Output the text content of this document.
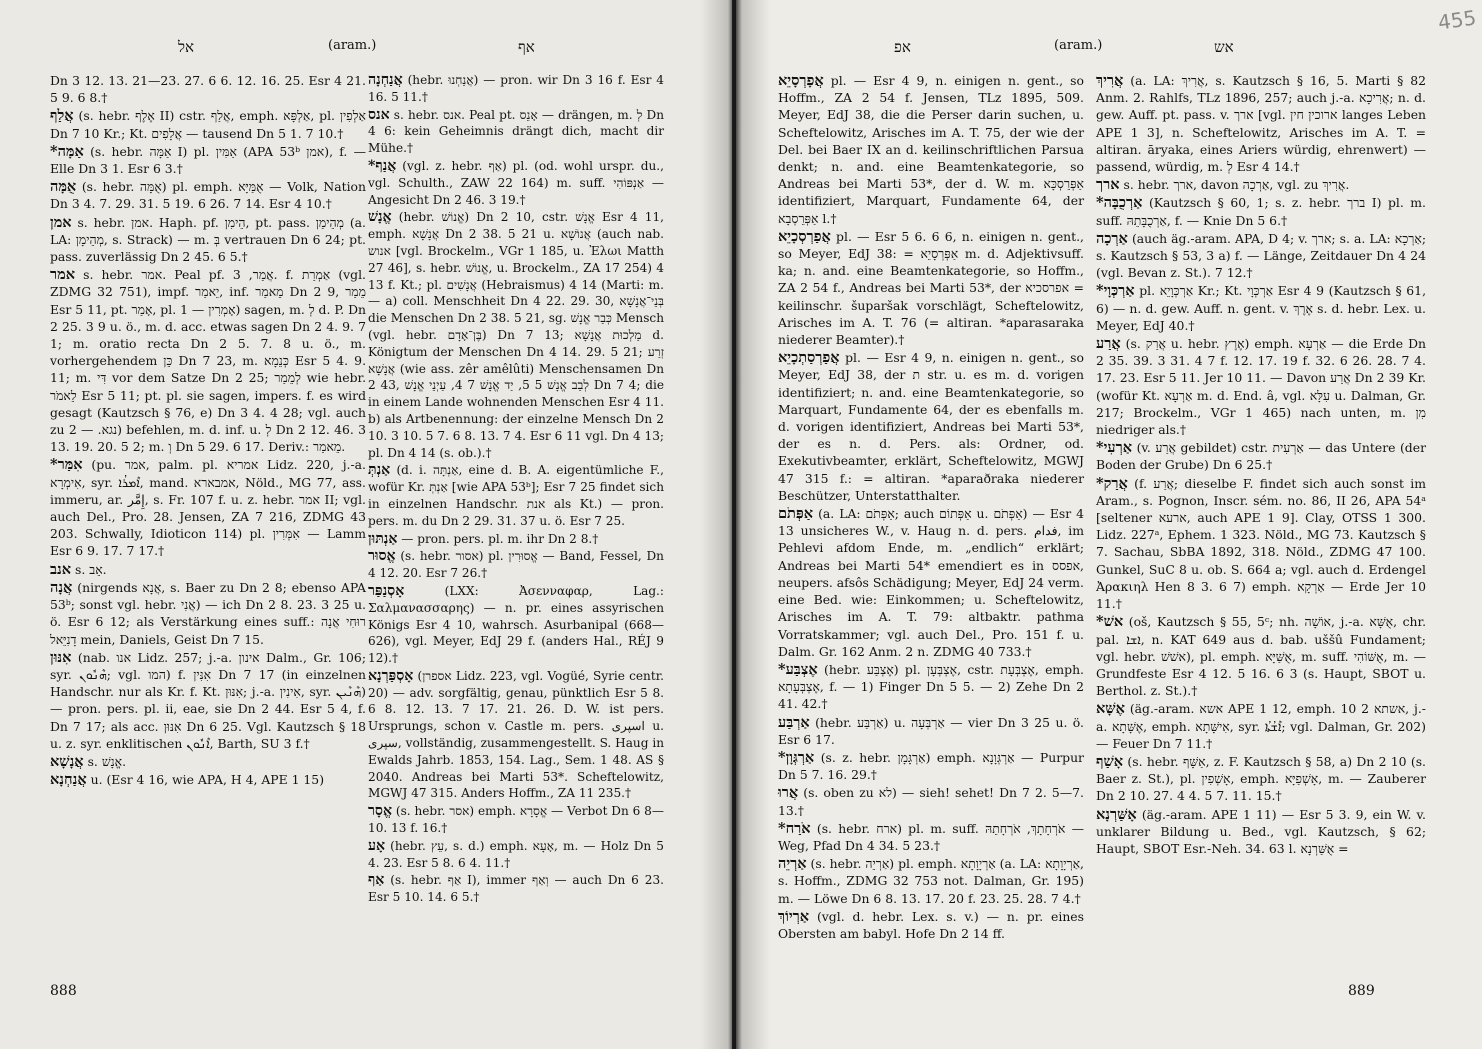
אל	(aram.)	אף

Dn 3 12. 13. 21—23. 27. 6 6. 12. 16. 25. Esr 4 21. 5 9. 6 8.†

אֲלַף (s. hebr. אֶלֶף II) cstr. אֲלַף, emph. אַלְפָּא, pl. אַלְפִין Dn 7 10 Kr.; Kt. אֲלָפִים — tausend Dn 5 1. 7 10.†

אַמָּה* (s. hebr. אַמָּה I) pl. אַמִּין (APA 53ᵇ אמן), f. — Elle Dn 3 1. Esr 6 3.†

אֻמָּה (s. hebr. אֻמָּה) pl. emph. אֻמַּיָּא — Volk, Nation Dn 3 4. 7. 29. 31. 5 19. 6 26. 7 14. Esr 4 10.†

אמן s. hebr. אמן. Haph. pf. הֵימִן, pt. pass. מְהֵימַן (a. LA: מְהֵימָן, s. Strack) — m. בְּ vertrauen Dn 6 24; pt. pass. zuverlässig Dn 2 45. 6 5.†

אמר s. hebr. אמר. Peal pf. אֲמַר, 3. f. אַמְרַת (vgl. ZDMG 32 751), impf. יֵאמַר, inf. מֵאמַר Dn 2 9, מֵמַר Esr 5 11, pt. אָמַר, pl. אָמְרִין — 1) sagen, m. לְ d. P. Dn 2 25. 3 9 u. ö., m. d. acc. etwas sagen Dn 2 4. 9. 7 1; m. oratio recta Dn 2 5. 7. 8 u. ö., m. vorhergehendem כֵּן Dn 7 23, m. כְּנֵמָא Esr 5 4. 9. 11; m. דִּי vor dem Satze Dn 2 25; לְמֵמַר wie hebr. לֵאמֹר Esr 5 11; pt. pl. sie sagen, impers. f. es wird gesagt (Kautzsch § 76, e) Dn 3 4. 4 28; vgl. auch zu נגא. — 2) befehlen, m. d. inf. u. לְ Dn 2 12. 46. 3 13. 19. 20. 5 2; m. וְ Dn 5 29. 6 17. Deriv.: מֵאמַר.

אִמַּר* (pu. אמר, palm. pl. אמריא Lidz. 220, j.-a. אִימְרָא, syr. ܐܶܡܪܳܐ, mand. אמבארא, Nöld., MG 77, ass. immeru, ar. إِمَّر, s. Fr. 107 f. u. z. hebr. אמר II; vgl. auch Del., Pro. 28. Jensen, ZA 7 216, ZDMG 43 203. Schwally, Idioticon 114) pl. אִמְּרִין — Lamm Esr 6 9. 17. 7 17.†

אנב s. אֵב.

אֲנָה (nirgends אֲנָא, s. Baer zu Dn 2 8; ebenso APA 53ᵇ; sonst vgl. hebr. אֲנִי) — ich Dn 2 8. 23. 3 25 u. ö. Esr 6 12; als Verstärkung eines suff.: רוּחִי אֲנָה דָנִיֵּאל mein, Daniels, Geist Dn 7 15.

אִנּוּן (nab. אנו Lidz. 257; j.-a. אינון Dalm., Gr. 106; syr. ܗܶܢܽܘܢ; vgl. המו) f. אִנִּין Dn 7 17 (in einzelnen Handschr. nur als Kr. f. Kt. אִנּוּן; j.-a. אִינִין, syr. ܗܶܢܶܝܢ) — pron. pers. pl. ii, eae, sie Dn 2 44. Esr 5 4, f. Dn 7 17; als acc. אִנּוּן Dn 6 25. Vgl. Kautzsch § 18 u. z. syr. enklitischen ܐܶܢܽܘܢ, Barth, SU 3 f.†

אֲנָשָׁא s. אֱנָשׁ.

אֲנַחְנָא u. (Esr 4 16, wie APA, H 4, APE 1 15)

אֲנַחְנָה (hebr. אֲנַחְנוּ) — pron. wir Dn 3 16 f. Esr 4 16. 5 11.†

אנס s. hebr. אנס. Peal pt. אָנֵס — drängen, m. לְ Dn 4 6: kein Geheimnis drängt dich, macht dir Mühe.†

אֲנַף* (vgl. z. hebr. אַף) pl. (od. wohl urspr. du., vgl. Schulth., ZAW 22 164) m. suff. אַנְפּוֹהִי — Angesicht Dn 2 46. 3 19.†

אֱנָשׁ (hebr. אֱנוֹשׁ) Dn 2 10, cstr. אֱנָשׁ Esr 4 11, emph. אֲנָשָׁא Dn 2 38. 5 21 u. אֲנוֹשָׁא (auch nab. אנוש [vgl. Brockelm., VGr 1 185, u. Ἐλωι Matth 27 46], s. hebr. אֱנוֹשׁ, u. Brockelm., ZA 17 254) 4 13 f. Kt.; pl. אֲנָשִׁים (Hebraismus) 4 14 (Marti: m. — a) coll. Menschheit Dn 4 22. 29. 30, בְּנֵי־אֲנָשָׁא die Menschen Dn 2 38. 5 21, sg. כְּבַר אֱנָשׁ Mensch (vgl. hebr. בֶּן־אָדָם) Dn 7 13; מַלְכוּת אֲנָשָׁא d. Königtum der Menschen Dn 4 14. 29. 5 21; זְרַע אֲנָשָׁא (wie ass. zêr amêlûti) Menschensamen Dn 2 43, לְבַב אֱנָשׁ 5 5, יַד אֱנָשׁ 7 4, עַיְנֵי אֱנָשׁ Dn 7 4; die in einem Lande wohnenden Menschen Esr 4 11. b) als Artbenennung: der einzelne Mensch Dn 2 10. 3 10. 5 7. 6 8. 13. 7 4. Esr 6 11 vgl. Dn 4 13; pl. Dn 4 14 (s. ob.).†

אַנְתְּ (d. i. אַנְתָּה, eine d. B. A. eigentümliche F., wofür Kr. אַנְתְּ [wie APA 53ᵇ]; Esr 7 25 findet sich in einzelnen Handschr. אנת als Kt.) — pron. pers. m. du Dn 2 29. 31. 37 u. ö. Esr 7 25.

אַנְתּוּן — pron. pers. pl. m. ihr Dn 2 8.†

אֱסוּר (s. hebr. אסור) pl. אֱסוּרִין — Band, Fessel, Dn 4 12. 20. Esr 7 26.†

אָסְנַפַּר	(LXX: Ἀσενναφαρ, Lag.: Σαλμανασσαρης) — n. pr. eines assyrischen Königs Esr 4 10, wahrsch. Asurbanipal (668—626), vgl. Meyer, EdJ 29 f. (anders Hal., RÉJ 9 12).†

אָסְפַּרְנָא (אספרן Lidz. 223, vgl. Vogüé, Syrie centr. 20) — adv. sorgfältig, genau, pünktlich Esr 5 8. 6 8. 12. 13. 7 17. 21. 26. D. W. ist pers. Ursprungs, schon v. Castle m. pers. اسپری u. سپری, vollständig, zusammengestellt. S. Haug in Ewalds Jahrb. 1853, 154. Lag., Sem. 1 48. AS § 2040. Andreas bei Marti 53*. Scheftelowitz, MGWJ 47 315. Anders Hoffm., ZA 11 235.†

אֱסָר (s. hebr. אסר) emph. אֱסָרָא — Verbot Dn 6 8—10. 13 f. 16.†

אָע (hebr. עֵץ, s. d.) emph. אָעָא, m. — Holz Dn 5 4. 23. Esr 5 8. 6 4. 11.†

אַף (s. hebr. אַף I), immer וְאַף — auch Dn 6 23. Esr 5 10. 14. 6 5.†

888
455
אפ	(aram.)	אש

אֲפָרְסָיֵא pl. — Esr 4 9, n. einigen n. gent., so Hoffm., ZA 2 54 f. Jensen, TLz 1895, 509. Meyer, EdJ 38, die die Perser darin suchen, u. Scheftelowitz, Arisches im A. T. 75, der wie der Del. bei Baer IX an d. keilinschriftlichen Parsua denkt; n. and. eine Beamtenkategorie, so Andreas bei Marti 53*, der d. W. m. אַפְּרֵסְכָּא identifiziert, Marquart, Fundamente 64, der אַפְּרֵסְבָא l.†

אֲפַרְסְכָיֵא pl. — Esr 5 6. 6 6, n. einigen n. gent., so Meyer, EdJ 38: = אַפְּרְסָיֵא m. d. Adjektivsuff. ka; n. and. eine Beamtenkategorie, so Hoffm., ZA 2 54 f., Andreas bei Marti 53*, der אפרסכיא = keilinschr. šuparšak vorschlägt, Scheftelowitz, Arisches im A. T. 76 (= altiran. *aparasaraka niederer Beamter).†

אֲפַרְסַתְכָיֵא pl. — Esr 4 9, n. einigen n. gent., so Meyer, EdJ 38, der ת str. u. es m. d. vorigen identifiziert; n. and. eine Beamtenkategorie, so Marquart, Fundamente 64, der es ebenfalls m. d. vorigen identifiziert, Andreas bei Marti 53*, der es n. d. Pers. als: Ordner, od. Exekutivbeamter, erklärt, Scheftelowitz, MGWJ 47 315 f.: = altiran. *aparaðraka niederer Beschützer, Unterstatthalter.

אַפְּתֹם (a. LA: אַפְּתֹם; auch אַפְּתוֹם u. אַפְּתֹם) — Esr 4 13 unsicheres W., v. Haug n. d. pers. فدام, im Pehlevi afdom Ende, m. „endlich“ erklärt; Andreas bei Marti 54* emendiert es in אפסס, neupers. afsôs Schädigung; Meyer, EdJ 24 verm. eine Bed. wie: Einkommen; u. Scheftelowitz, Arisches im A. T. 79: altbaktr. pathma Vorratskammer; vgl. auch Del., Pro. 151 f. u. Dalm. Gr. 162 Anm. 2 n. ZDMG 40 733.†

אֶצְבַּע* (hebr. אֶצְבַּע) pl. אֶצְבְּעָן, cstr. אֶצְבְּעָת, emph. אֶצְבְּעָתָא, f. — 1) Finger Dn 5 5. — 2) Zehe Dn 2 41. 42.†

אַרְבַּע (hebr. אַרְבַּע) u. אַרְבְּעָה — vier Dn 3 25 u. ö. Esr 6 17.

אַרְגְּוָן* (s. z. hebr. אַרְגָּמָן) emph. אַרְגְּוָנָא — Purpur Dn 5 7. 16. 29.†

אֲרוּ (s. oben zu לא) — sieh! sehet! Dn 7 2. 5—7. 13.†

אֹרַח* (s. hebr. ארח) pl. m. suff. אֹרְחָתָךְ, אֹרְחָתֵהּ — Weg, Pfad Dn 4 34. 5 23.†

אַרְיֵה (s. hebr. אַרְיֵה) pl. emph. אַרְיָוָתָא (a. LA: אַרְיָוָתָא, s. Hoffm., ZDMG 32 753 not. Dalman, Gr. 195) m. — Löwe Dn 6 8. 13. 17. 20 f. 23. 25. 28. 7 4.†

אַרְיוֹךְ (vgl. d. hebr. Lex. s. v.) — n. pr. eines Obersten am babyl. Hofe Dn 2 14 ff.

אֲרִיךְ (a. LA: אֲרִיךְ, s. Kautzsch § 16, 5. Marti § 82 Anm. 2. Rahlfs, TLz 1896, 257; auch j.-a. אֲרִיכָא; n. d. gew. Auff. pt. pass. v. ארך [vgl. ארוכין חין langes Leben APE 1 3], n. Scheftelowitz, Arisches im A. T. = altiran. āryaka, eines Ariers würdig, ehrenwert) — passend, würdig, m. לְ Esr 4 14.†

ארך s. hebr. ארך, davon אַרְכָה, vgl. zu אֲרִיךְ.

אַרְכֻבָּה* (Kautzsch § 60, 1; s. z. hebr. ברך I) pl. m. suff. אַרְכֻבָּתֵהּ, f. — Knie Dn 5 6.†

אַרְכָה (auch äg.-aram. APA, D 4; v. ארך; s. a. LA: אַרְכָא; s. Kautzsch § 53, 3 a) f. — Länge, Zeitdauer Dn 4 24 (vgl. Bevan z. St.). 7 12.†

אַרְכְּוָי* pl. אַרְכְּוָיֵא Kr.; Kt. אַרְכְּוָי Esr 4 9 (Kautzsch § 61, 6) — n. d. gew. Auff. n. gent. v. אֶרֶךְ s. d. hebr. Lex. u. Meyer, EdJ 40.†

אֲרַע (s. אֲרַק u. hebr. אֶרֶץ) emph. אַרְעָא — die Erde Dn 2 35. 39. 3 31. 4 7 f. 12. 17. 19 f. 32. 6 26. 28. 7 4. 17. 23. Esr 5 11. Jer 10 11. — Davon אֲרַע Dn 2 39 Kr. (wofür Kt. אַרְעָא m. d. End. â, vgl. עִלָּא u. Dalman, Gr. 217; Brockelm., VGr 1 465) nach unten, m. מִן niedriger als.†

אַרְעִי* (v. אֲרַע gebildet) cstr. אַרְעִית — das Untere (der Boden der Grube) Dn 6 25.†

אֲרַק* (f. אֲרַע; dieselbe F. findet sich auch sonst im Aram., s. Pognon, Inscr. sém. no. 86, II 26, APA 54ᵃ [seltener ארעא, auch APE 1 9]. Clay, OTSS 1 300. Lidz. 227ᵃ, Ephem. 1 323. Nöld., MG 73. Kautzsch § 7. Sachau, SbBA 1892, 318. Nöld., ZDMG 47 100. Gunkel, SuC 8 u. ob. S. 664 a; vgl. auch d. Erdengel Ἀρακιηλ Hen 8 3. 6 7) emph. אַרְקָא — Erde Jer 10 11.†

אשׁ* (oš, Kautzsch § 55, 5ᶜ; nh. אוֹשָׁה, j.-a. אֻשָּׁא, chr. pal. ܐܫܐ, n. KAT 649 aus d. bab. uššû Fundament; vgl. hebr. אשׁשׁ), pl. emph. אֻשַּׁיָּא, m. suff. אֻשּׁוֹהִי, m. — Grundfeste Esr 4 12. 5 16. 6 3 (s. Haupt, SBOT u. Berthol. z. St.).†

אֶשָּׁא (äg.-aram. אשא APE 1 12, emph. אשתא 2 10, j.-a. אֶשָּׁתָא, emph. אִישָּׁתָא, syr. ܐܶܫܳܬܳܐ; vgl. Dalman, Gr. 202) — Feuer Dn 7 11.†

אָשַׁף (s. hebr. אַשָּׁף, z. F. Kautzsch § 58, a) Dn 2 10 (s. Baer z. St.), pl. אָשְׁפִין, emph. אָשְׁפַיָּא, m. — Zauberer Dn 2 10. 27. 4 4. 5 7. 11. 15.†

אָשַּׁרְנָא (äg.-aram. APE 1 11) — Esr 5 3. 9, ein W. v. unklarer Bildung u. Bed., vgl. Kautzsch, § 62; Haupt, SBOT Esr.-Neh. 34. 63 l. אֻשַּׁרְנָא =

889
